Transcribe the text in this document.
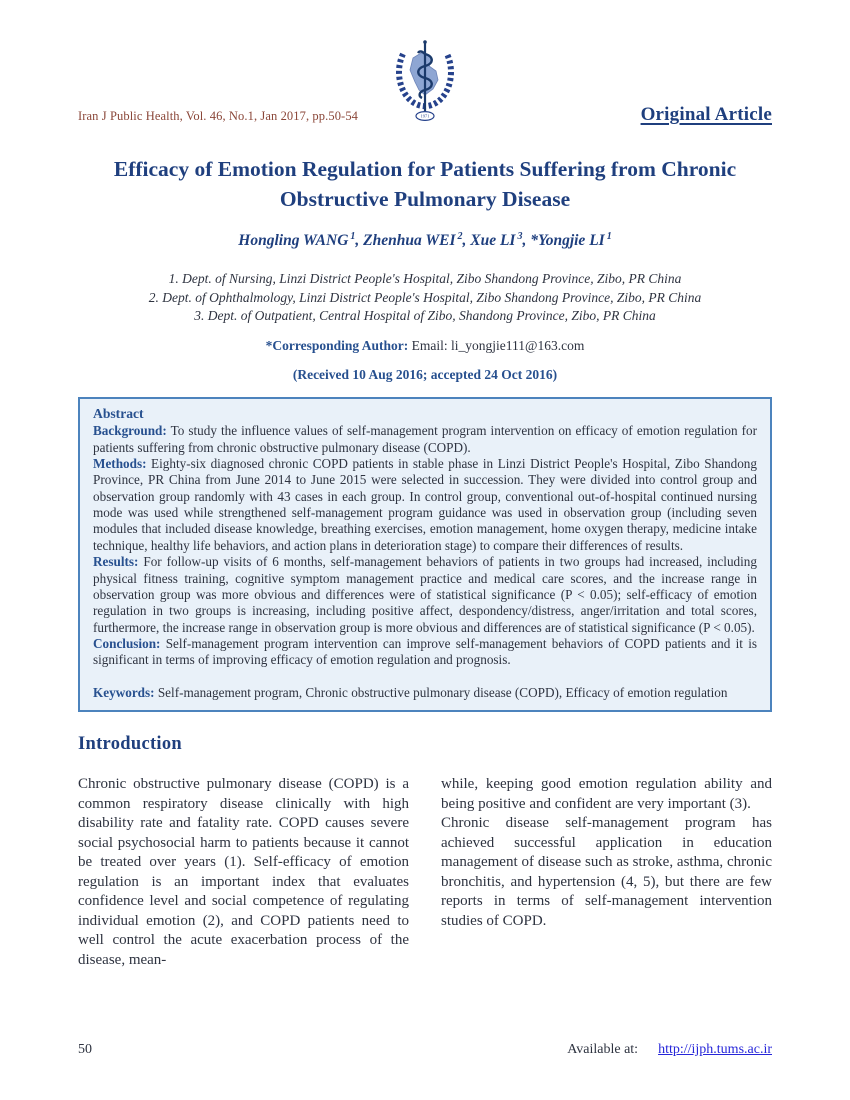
Iran J Public Health, Vol. 46, No.1, Jan 2017, pp.50-54	1971	Original Article
Efficacy of Emotion Regulation for Patients Suffering from Chronic Obstructive Pulmonary Disease
Hongling WANG $^1$, Zhenhua WEI $^2$, Xue LI $^3$, *Yongjie LI $^1$
1. Dept. of Nursing, Linzi District People's Hospital, Zibo Shandong Province, Zibo, PR China
2. Dept. of Ophthalmology, Linzi District People's Hospital, Zibo Shandong Province, Zibo, PR China
3. Dept. of Outpatient, Central Hospital of Zibo, Shandong Province, Zibo, PR China
*Corresponding Author: Email: li_yongjie111@163.com
(Received 10 Aug 2016; accepted 24 Oct 2016)

Abstract

Background: To study the influence values of self-management program intervention on efficacy of emotion regulation for patients suffering from chronic obstructive pulmonary disease (COPD).

Methods: Eighty-six diagnosed chronic COPD patients in stable phase in Linzi District People's Hospital, Zibo Shandong Province, PR China from June 2014 to June 2015 were selected in succession. They were divided into control group and observation group randomly with 43 cases in each group. In control group, conventional out-of-hospital continued nursing mode was used while strengthened self-management program guidance was used in observation group (including seven modules that included disease knowledge, breathing exercises, emotion management, home oxygen therapy, medicine intake technique, healthy life behaviors, and action plans in deterioration stage) to compare their differences of results.

Results: For follow-up visits of 6 months, self-management behaviors of patients in two groups had increased, including physical fitness training, cognitive symptom management practice and medical care scores, and the increase range in observation group was more obvious and differences were of statistical significance (P < 0.05); self-efficacy of emotion regulation in two groups is increasing, including positive affect, despondency/distress, anger/irritation and total scores, furthermore, the increase range in observation group is more obvious and differences are of statistical significance (P < 0.05).

Conclusion: Self-management program intervention can improve self-management behaviors of COPD patients and it is significant in terms of improving efficacy of emotion regulation and prognosis.

Keywords: Self-management program, Chronic obstructive pulmonary disease (COPD), Efficacy of emotion regulation

Introduction

Chronic obstructive pulmonary disease (COPD) is a common respiratory disease clinically with high disability rate and fatality rate. COPD causes severe social psychosocial harm to patients because it cannot be treated over years (1). Self-efficacy of emotion regulation is an important index that evaluates confidence level and social competence of regulating individual emotion (2), and COPD patients need to well control the acute exacerbation process of the disease, mean-

while, keeping good emotion regulation ability and being positive and confident are very important (3).

Chronic disease self-management program has achieved successful application in education management of disease such as stroke, asthma, chronic bronchitis, and hypertension (4, 5), but there are few reports in terms of self-management intervention studies of COPD.

50	Available at: http://ijph.tums.ac.ir
